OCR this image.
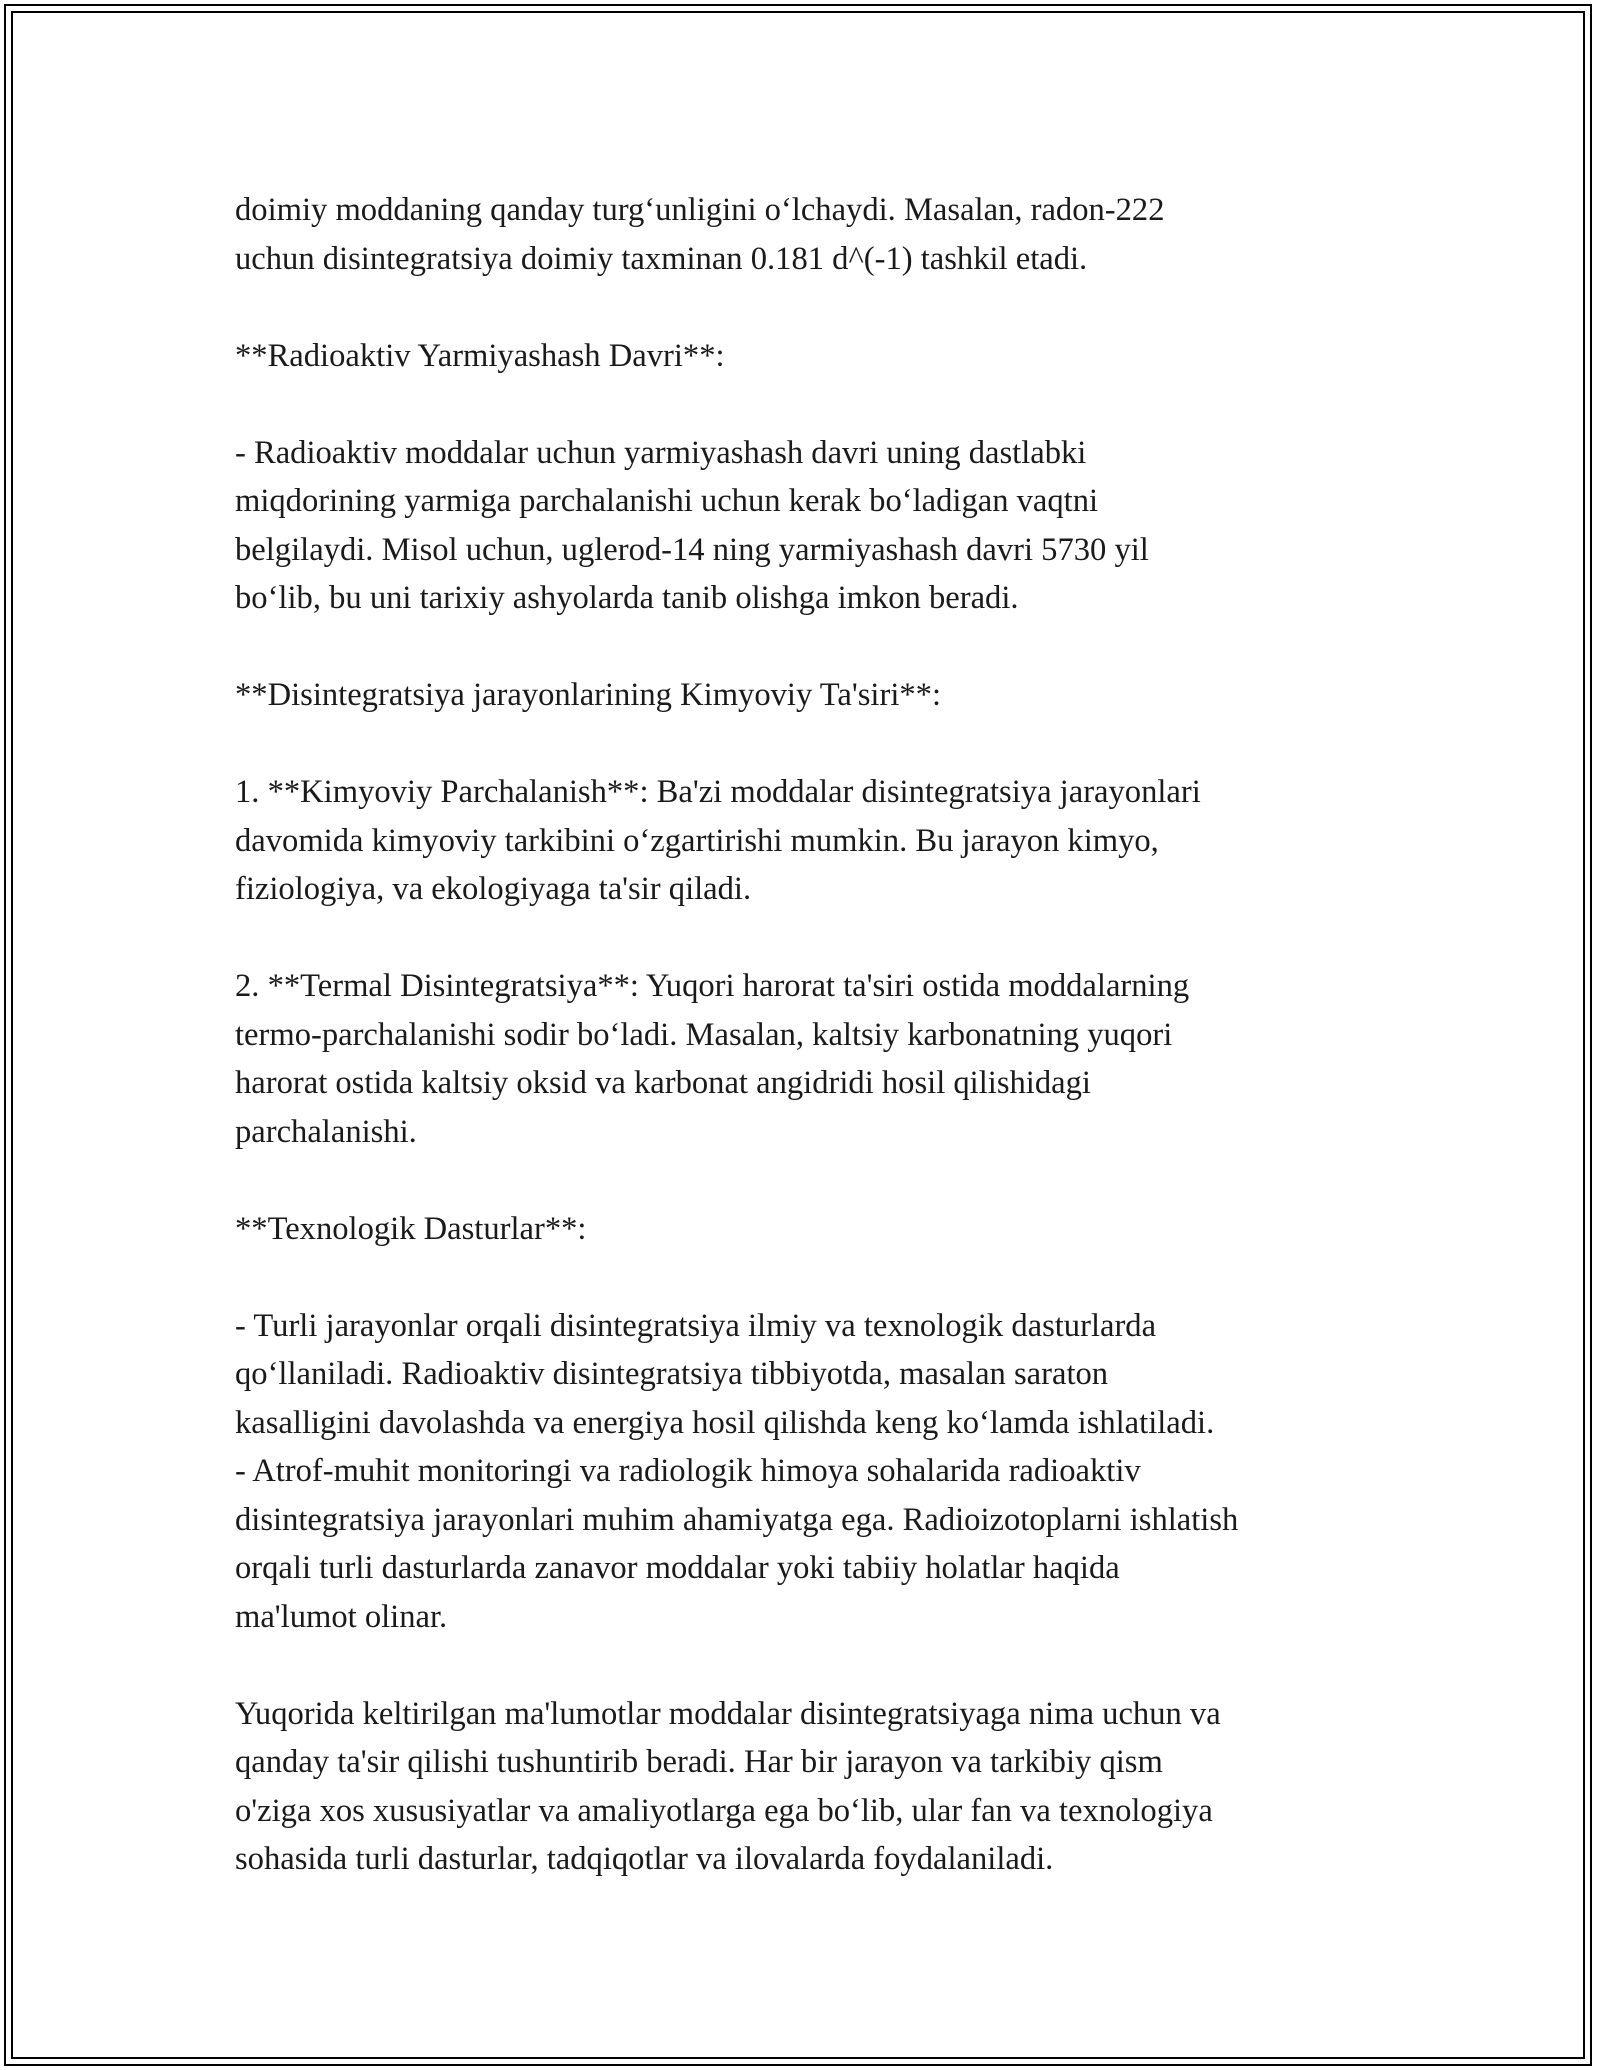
doimiy moddaning qanday turg‘unligini o‘lchaydi. Masalan, radon-222
uchun disintegratsiya doimiy taxminan 0.181 d^(-1) tashkil etadi.

**Radioaktiv Yarmiyashash Davri**:

- Radioaktiv moddalar uchun yarmiyashash davri uning dastlabki
miqdorining yarmiga parchalanishi uchun kerak bo‘ladigan vaqtni
belgilaydi. Misol uchun, uglerod-14 ning yarmiyashash davri 5730 yil
bo‘lib, bu uni tarixiy ashyolarda tanib olishga imkon beradi.

**Disintegratsiya jarayonlarining Kimyoviy Ta'siri**:

1. **Kimyoviy Parchalanish**: Ba'zi moddalar disintegratsiya jarayonlari
davomida kimyoviy tarkibini o‘zgartirishi mumkin. Bu jarayon kimyo,
fiziologiya, va ekologiyaga ta'sir qiladi.

2. **Termal Disintegratsiya**: Yuqori harorat ta'siri ostida moddalarning
termo-parchalanishi sodir bo‘ladi. Masalan, kaltsiy karbonatning yuqori
harorat ostida kaltsiy oksid va karbonat angidridi hosil qilishidagi
parchalanishi.

**Texnologik Dasturlar**:

- Turli jarayonlar orqali disintegratsiya ilmiy va texnologik dasturlarda
qo‘llaniladi. Radioaktiv disintegratsiya tibbiyotda, masalan saraton
kasalligini davolashda va energiya hosil qilishda keng ko‘lamda ishlatiladi.
- Atrof-muhit monitoringi va radiologik himoya sohalarida radioaktiv
disintegratsiya jarayonlari muhim ahamiyatga ega. Radioizotoplarni ishlatish
orqali turli dasturlarda zanavor moddalar yoki tabiiy holatlar haqida
ma'lumot olinar.

Yuqorida keltirilgan ma'lumotlar moddalar disintegratsiyaga nima uchun va
qanday ta'sir qilishi tushuntirib beradi. Har bir jarayon va tarkibiy qism
o'ziga xos xususiyatlar va amaliyotlarga ega bo‘lib, ular fan va texnologiya
sohasida turli dasturlar, tadqiqotlar va ilovalarda foydalaniladi.
